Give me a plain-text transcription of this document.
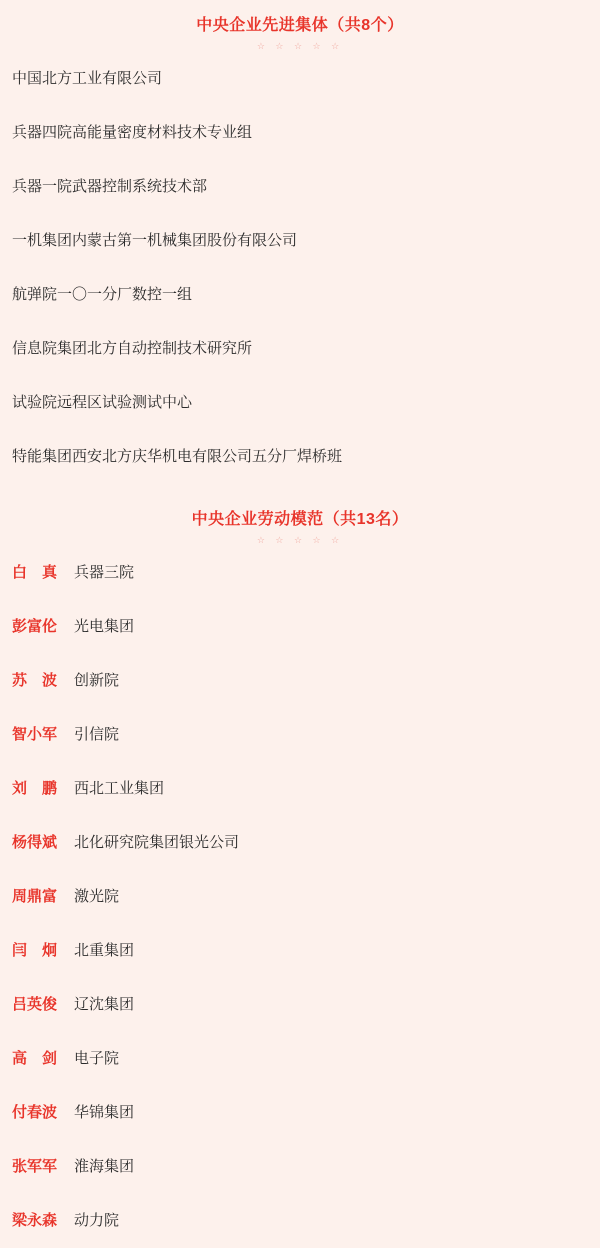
中央企业先进集体（共8个）
☆ ☆ ☆ ☆ ☆
中国北方工业有限公司
兵器四院高能量密度材料技术专业组
兵器一院武器控制系统技术部
一机集团内蒙古第一机械集团股份有限公司
航弹院一〇一分厂数控一组
信息院集团北方自动控制技术研究所
试验院远程区试验测试中心
特能集团西安北方庆华机电有限公司五分厂焊桥班
中央企业劳动模范（共13名）
☆ ☆ ☆ ☆ ☆
白　真 兵器三院
彭富伦 光电集团
苏　波 创新院
智小军 引信院
刘　鹏 西北工业集团
杨得斌 北化研究院集团银光公司
周鼎富 激光院
闫　炯 北重集团
吕英俊 辽沈集团
高　剑 电子院
付春波 华锦集团
张军军 淮海集团
梁永森 动力院
